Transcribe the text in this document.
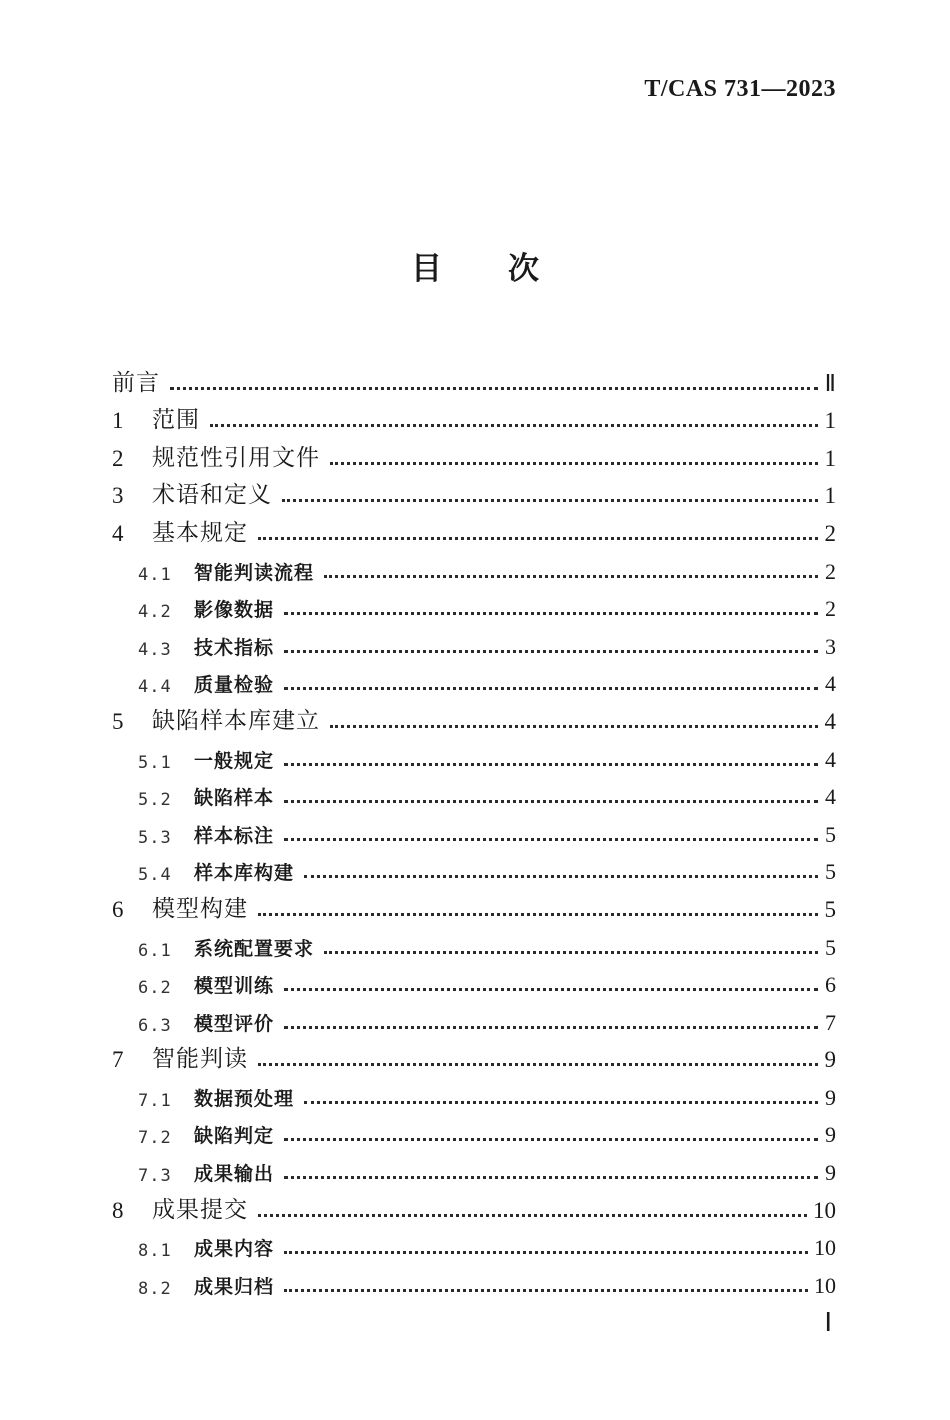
T/CAS 731—2023
目次
前言	Ⅱ
1	范围	1
2	规范性引用文件	1
3	术语和定义	1
4	基本规定	2
4.1	智能判读流程	2
4.2	影像数据	2
4.3	技术指标	3
4.4	质量检验	4
5	缺陷样本库建立	4
5.1	一般规定	4
5.2	缺陷样本	4
5.3	样本标注	5
5.4	样本库构建	5
6	模型构建	5
6.1	系统配置要求	5
6.2	模型训练	6
6.3	模型评价	7
7	智能判读	9
7.1	数据预处理	9
7.2	缺陷判定	9
7.3	成果输出	9
8	成果提交	10
8.1	成果内容	10
8.2	成果归档	10
Ⅰ
